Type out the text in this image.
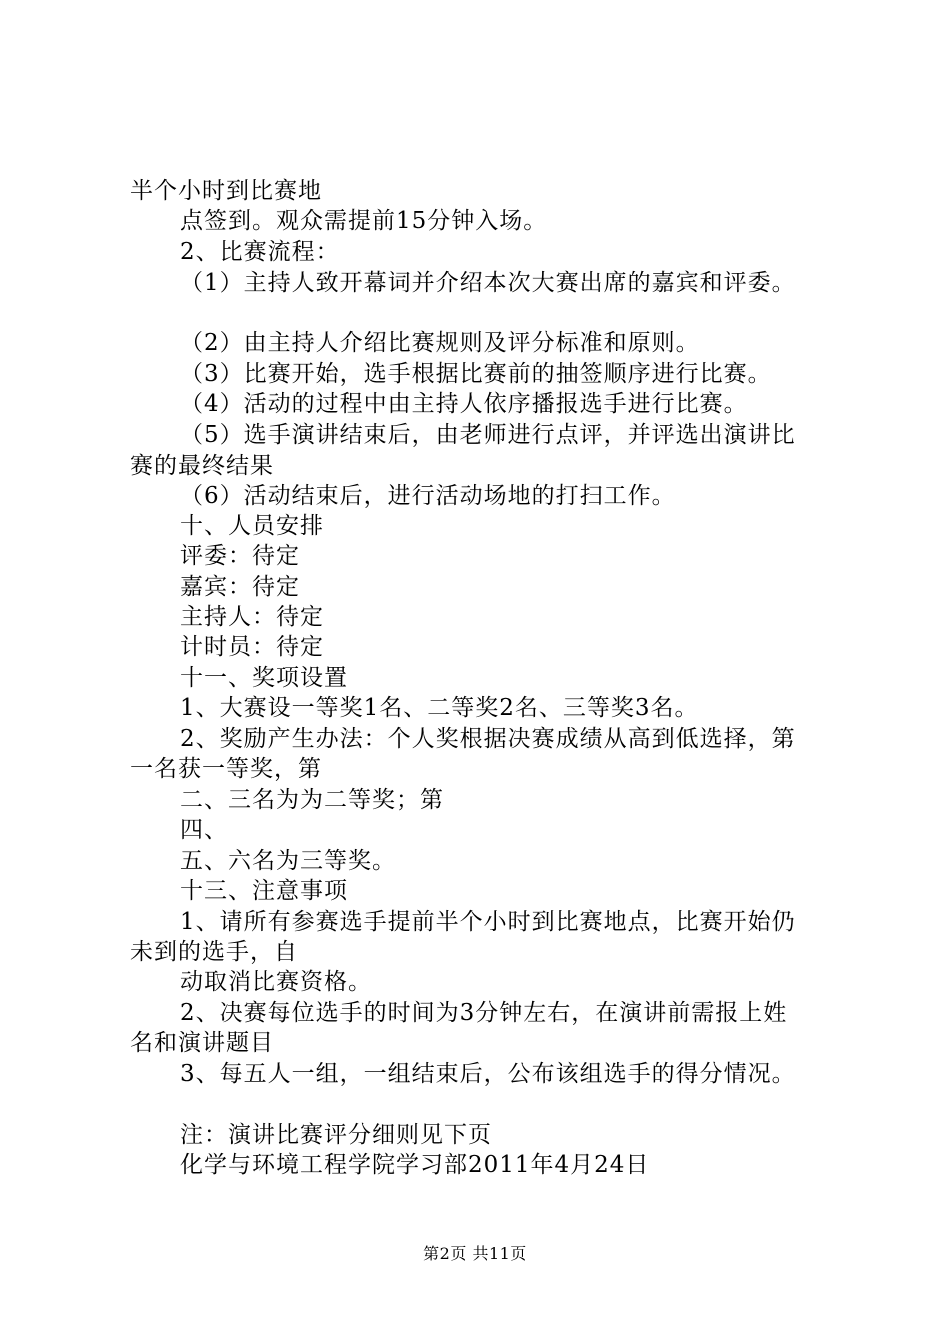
半个小时到比赛地
点签到。观众需提前15分钟入场。
2、比赛流程：
（1）主持人致开幕词并介绍本次大赛出席的嘉宾和评委。
（2）由主持人介绍比赛规则及评分标准和原则。
（3）比赛开始，选手根据比赛前的抽签顺序进行比赛。
（4）活动的过程中由主持人依序播报选手进行比赛。
（5）选手演讲结束后，由老师进行点评，并评选出演讲比
赛的最终结果
（6）活动结束后，进行活动场地的打扫工作。
十、人员安排
评委：待定
嘉宾：待定
主持人：待定
计时员：待定
十一、奖项设置
1、大赛设一等奖1名、二等奖2名、三等奖3名。
2、奖励产生办法：个人奖根据决赛成绩从高到低选择，第
一名获一等奖，第
二、三名为为二等奖；第
四、
五、六名为三等奖。
十三、注意事项
1、请所有参赛选手提前半个小时到比赛地点，比赛开始仍
未到的选手，自
动取消比赛资格。
2、决赛每位选手的时间为3分钟左右，在演讲前需报上姓
名和演讲题目
3、每五人一组，一组结束后，公布该组选手的得分情况。
注：演讲比赛评分细则见下页
化学与环境工程学院学习部2011年4月24日
第2页 共11页
